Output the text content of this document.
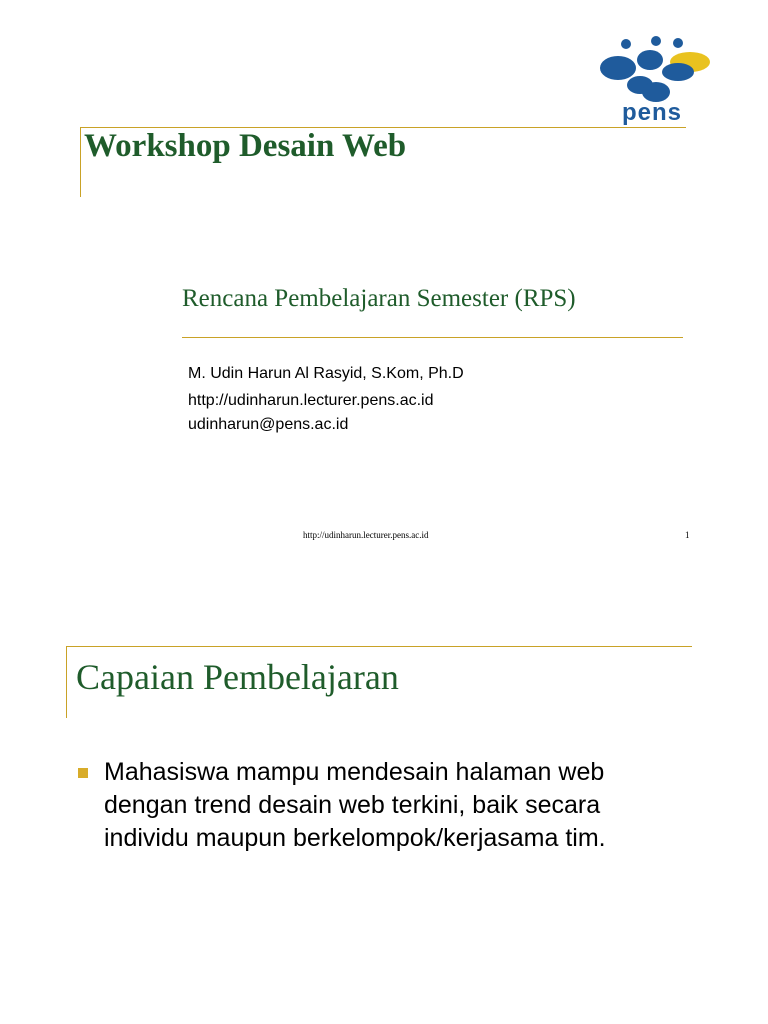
pens
Workshop Desain Web

Rencana Pembelajaran Semester (RPS)

M. Udin Harun Al Rasyid, S.Kom, Ph.D
http://udinharun.lecturer.pens.ac.id
udinharun@pens.ac.id
http://udinharun.lecturer.pens.ac.id	1
Capaian Pembelajaran
Mahasiswa mampu mendesain halaman web
dengan trend desain web terkini, baik secara
individu maupun berkelompok/kerjasama tim.
